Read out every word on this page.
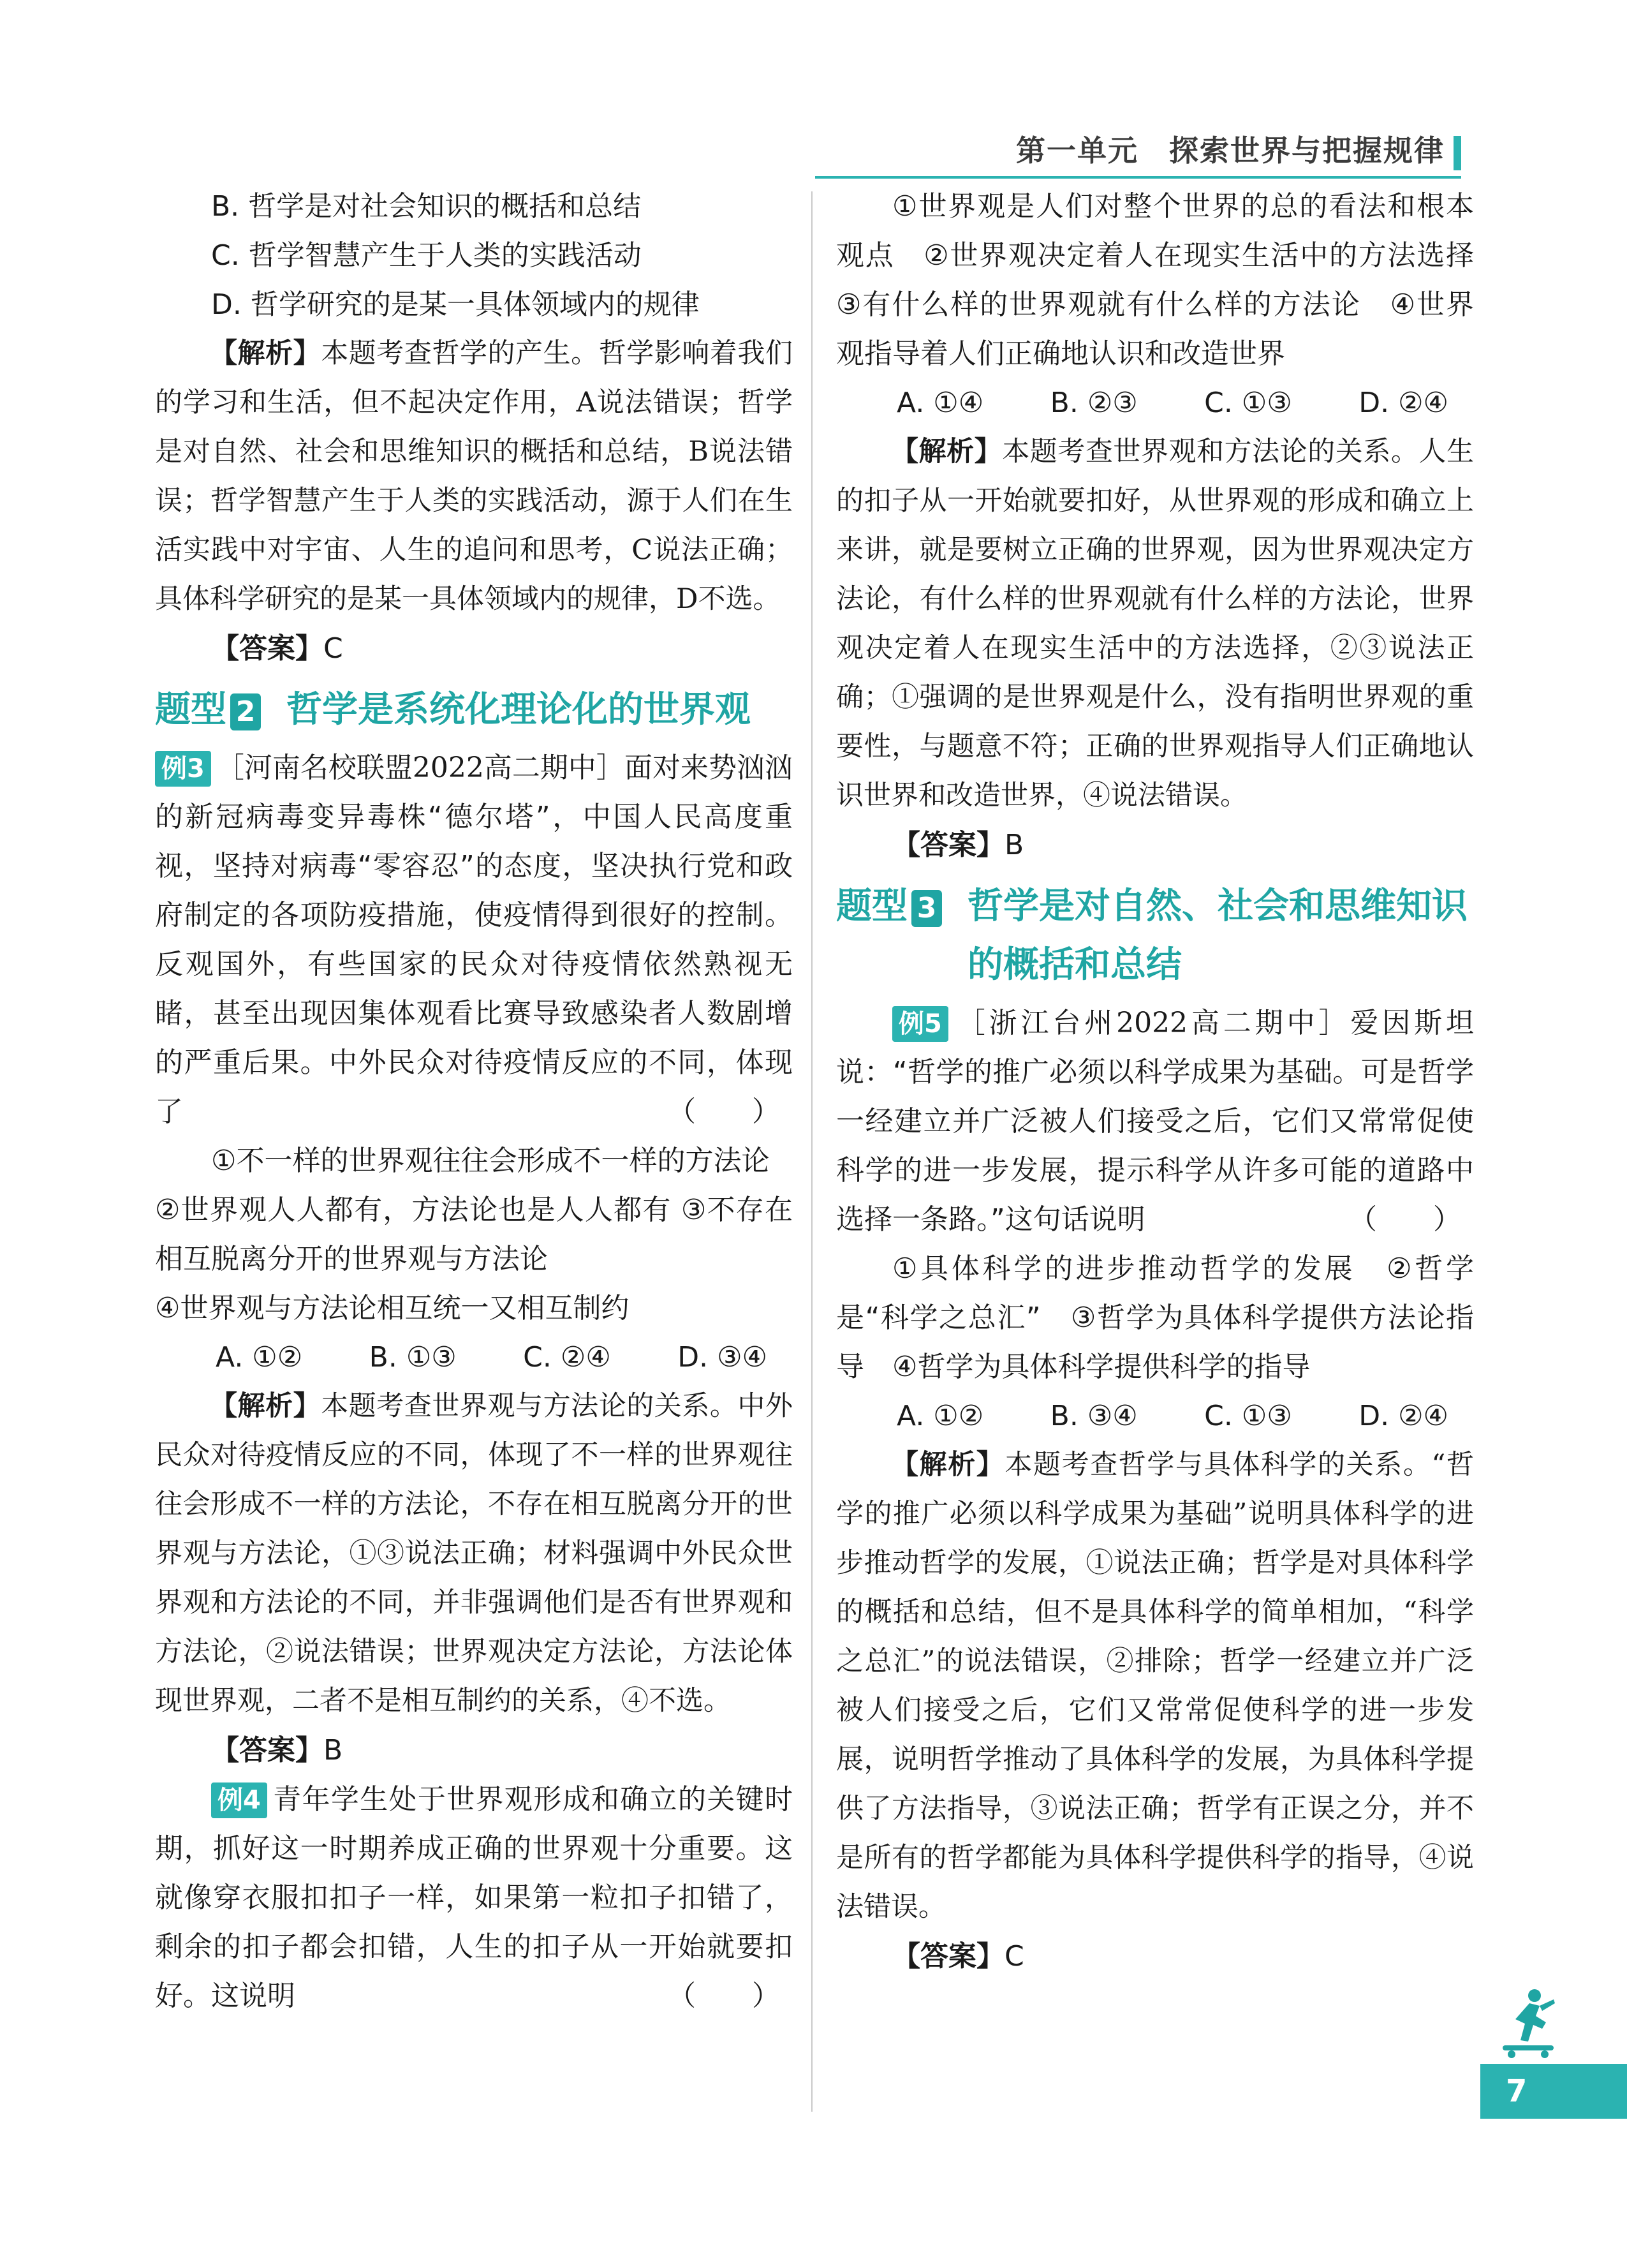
第一单元　探索世界与把握规律

B. 哲学是对社会知识的概括和总结

C. 哲学智慧产生于人类的实践活动

D. 哲学研究的是某一具体领域内的规律

【解析】本题考查哲学的产生。哲学影响着我们的学习和生活，但不起决定作用，A说法错误；哲学是对自然、社会和思维知识的概括和总结，B说法错误；哲学智慧产生于人类的实践活动，源于人们在生活实践中对宇宙、人生的追问和思考，C说法正确；具体科学研究的是某一具体领域内的规律，D不选。

【答案】C

题型 2 哲学是系统化理论化的世界观

例3 ［河南名校联盟2022高二期中］面对来势汹汹的新冠病毒变异毒株“德尔塔”，中国人民高度重视，坚持对病毒“零容忍”的态度，坚决执行党和政府制定的各项防疫措施，使疫情得到很好的控制。反观国外，有些国家的民众对待疫情依然熟视无睹，甚至出现因集体观看比赛导致感染者人数剧增的严重后果。中外民众对待疫情反应的不同，体现了	（　　）

①不一样的世界观往往会形成不一样的方法论

②世界观人人都有，方法论也是人人都有 ③不存在相互脱离分开的世界观与方法论

④世界观与方法论相互统一又相互制约

A. ①② B. ①③ C. ②④ D. ③④

【解析】本题考查世界观与方法论的关系。中外民众对待疫情反应的不同，体现了不一样的世界观往往会形成不一样的方法论，不存在相互脱离分开的世界观与方法论，①③说法正确；材料强调中外民众世界观和方法论的不同，并非强调他们是否有世界观和方法论，②说法错误；世界观决定方法论，方法论体现世界观，二者不是相互制约的关系，④不选。

【答案】B

例4 青年学生处于世界观形成和确立的关键时期，抓好这一时期养成正确的世界观十分重要。这就像穿衣服扣扣子一样，如果第一粒扣子扣错了，剩余的扣子都会扣错，人生的扣子从一开始就要扣好。这说明	（　　）

①世界观是人们对整个世界的总的看法和根本观点　 ②世界观决定着人在现实生活中的方法选择　③有什么样的世界观就有什么样的方法论　 ④世界观指导着人们正确地认识和改造世界

A. ①④ B. ②③ C. ①③ D. ②④

【解析】本题考查世界观和方法论的关系。人生的扣子从一开始就要扣好，从世界观的形成和确立上来讲，就是要树立正确的世界观，因为世界观决定方法论，有什么样的世界观就有什么样的方法论，世界观决定着人在现实生活中的方法选择，②③说法正确；①强调的是世界观是什么，没有指明世界观的重要性，与题意不符；正确的世界观指导人们正确地认识世界和改造世界，④说法错误。

【答案】B

题型 3 哲学是对自然、社会和思维知识的概括和总结

例5 ［浙江台州2022高二期中］爱因斯坦说：“哲学的推广必须以科学成果为基础。可是哲学一经建立并广泛被人们接受之后，它们又常常促使科学的进一步发展，提示科学从许多可能的道路中选择一条路。”这句话说明	（　　）

①具体科学的进步推动哲学的发展　 ②哲学是“科学之总汇”　 ③哲学为具体科学提供方法论指导　 ④哲学为具体科学提供科学的指导

A. ①② B. ③④ C. ①③ D. ②④

【解析】本题考查哲学与具体科学的关系。“哲学的推广必须以科学成果为基础”说明具体科学的进步推动哲学的发展，①说法正确；哲学是对具体科学的概括和总结，但不是具体科学的简单相加，“科学之总汇”的说法错误，②排除；哲学一经建立并广泛被人们接受之后，它们又常常促使科学的进一步发展，说明哲学推动了具体科学的发展，为具体科学提供了方法指导，③说法正确；哲学有正误之分，并不是所有的哲学都能为具体科学提供科学的指导，④说法错误。

【答案】C

7
